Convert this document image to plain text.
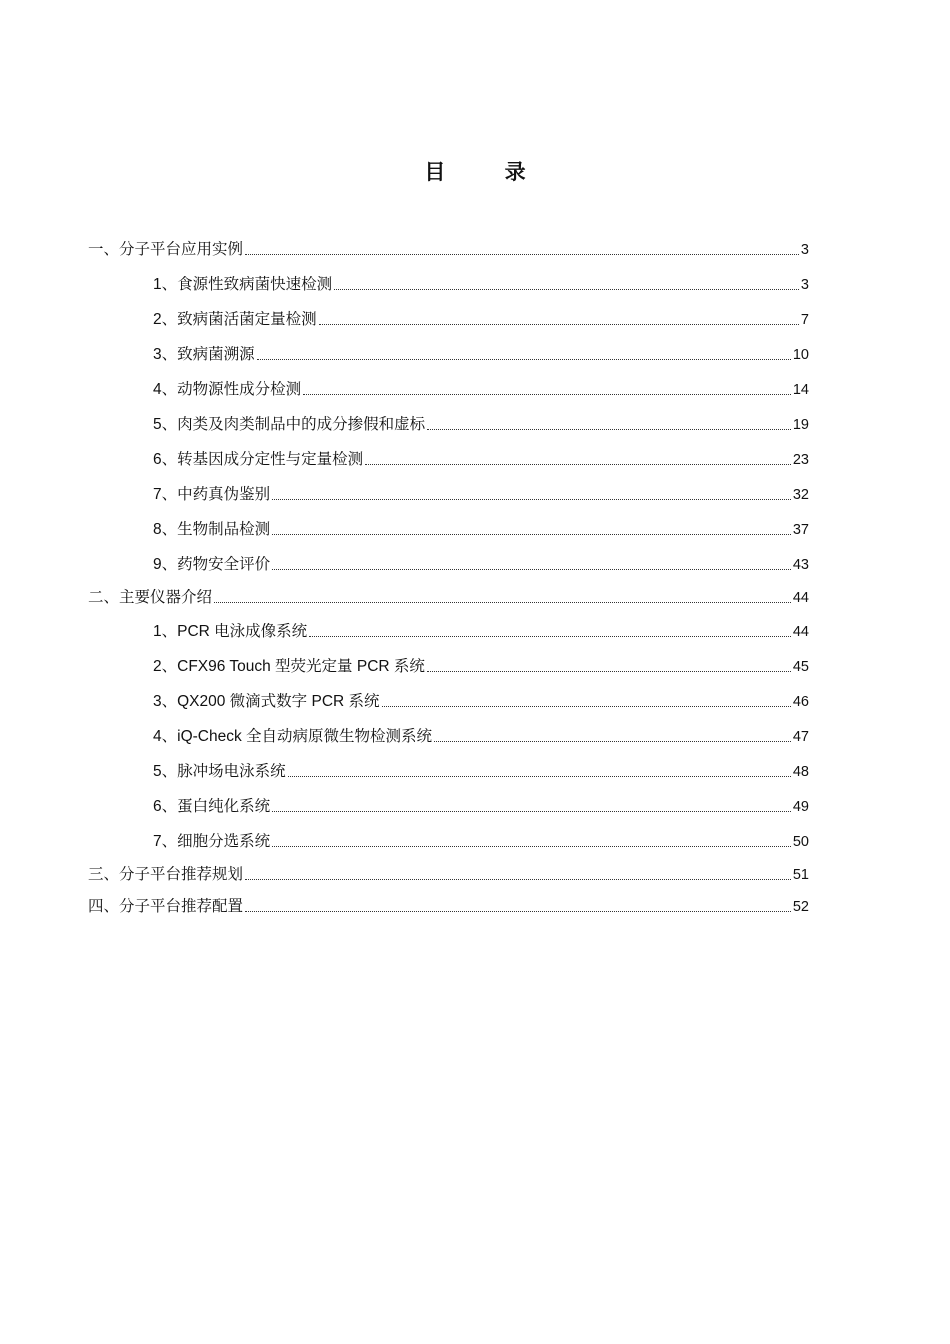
目 录
一、分子平台应用实例	3
1、食源性致病菌快速检测	3
2、致病菌活菌定量检测	7
3、致病菌溯源	10
4、动物源性成分检测	14
5、肉类及肉类制品中的成分掺假和虚标	19
6、转基因成分定性与定量检测	23
7、中药真伪鉴别	32
8、生物制品检测	37
9、药物安全评价	43
二、主要仪器介绍	44
1、PCR 电泳成像系统	44
2、CFX96 Touch 型荧光定量 PCR 系统	45
3、QX200 微滴式数字 PCR 系统	46
4、iQ-Check 全自动病原微生物检测系统	47
5、脉冲场电泳系统	48
6、蛋白纯化系统	49
7、细胞分选系统	50
三、分子平台推荐规划	51
四、分子平台推荐配置	52
